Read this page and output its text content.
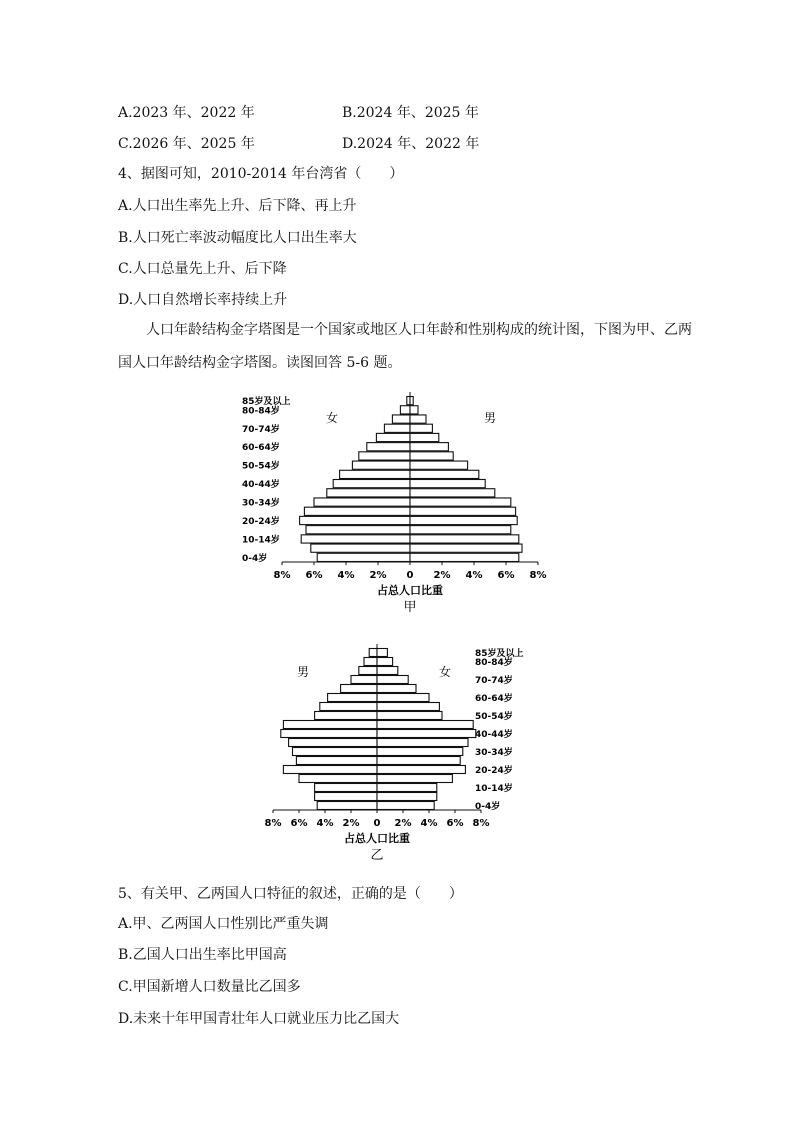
A.2023 年、2022 年	B.2024 年、2025 年
C.2026 年、2025 年	D.2024 年、2022 年
4、据图可知，2010-2014 年台湾省（　　）
A.人口出生率先上升、后下降、再上升
B.人口死亡率波动幅度比人口出生率大
C.人口总量先上升、后下降
D.人口自然增长率持续上升
人口年龄结构金字塔图是一个国家或地区人口年龄和性别构成的统计图，下图为甲、乙两国人口年龄结构金字塔图。读图回答 5-6 题。
8% 6% 4% 2% 0 2% 4% 6% 8%
0-4岁
10-14岁
20-24岁
30-34岁
40-44岁
50-54岁
60-64岁
70-74岁
80-84岁
85岁及以上
女	男
占总人口比重
甲
8% 6% 4% 2% 0 2% 4% 6% 8%
0-4岁
10-14岁
20-24岁
30-34岁
40-44岁
50-54岁
60-64岁
70-74岁
80-84岁
85岁及以上
男	女
占总人口比重
乙
5、有关甲、乙两国人口特征的叙述，正确的是（　　）
A.甲、乙两国人口性别比严重失调
B.乙国人口出生率比甲国高
C.甲国新增人口数量比乙国多
D.未来十年甲国青壮年人口就业压力比乙国大
